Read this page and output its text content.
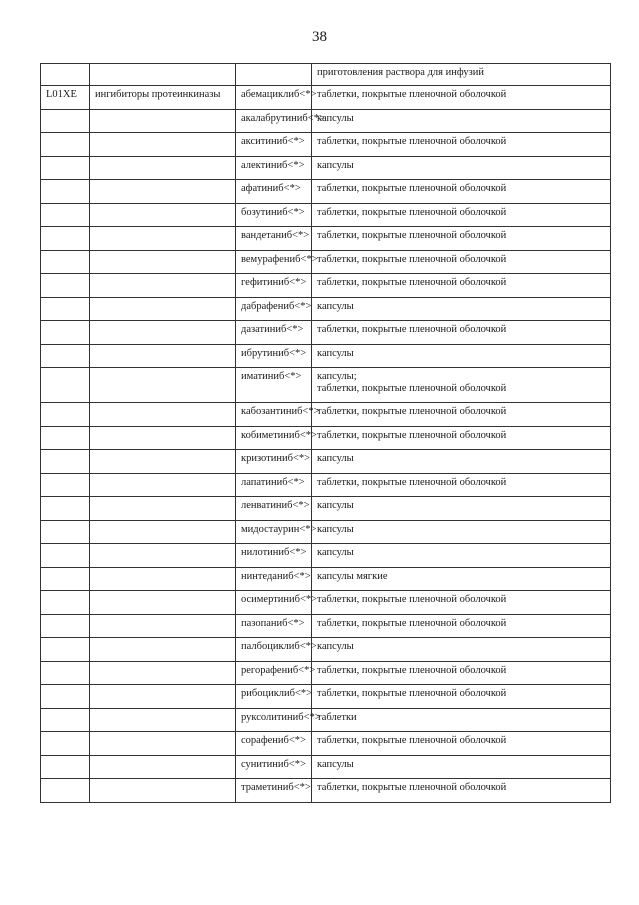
38

			приготовления раствора для инфузий

L01XE	ингибиторы протеинкиназы	абемациклиб<*>	таблетки, покрытые пленочной оболочкой

		акалабрутиниб<*>	капсулы

		акситиниб<*>	таблетки, покрытые пленочной оболочкой

		алектиниб<*>	капсулы

		афатиниб<*>	таблетки, покрытые пленочной оболочкой

		бозутиниб<*>	таблетки, покрытые пленочной оболочкой

		вандетаниб<*>	таблетки, покрытые пленочной оболочкой

		вемурафениб<*>	таблетки, покрытые пленочной оболочкой

		гефитиниб<*>	таблетки, покрытые пленочной оболочкой

		дабрафениб<*>	капсулы

		дазатиниб<*>	таблетки, покрытые пленочной оболочкой

		ибрутиниб<*>	капсулы

		иматиниб<*>	капсулы;
таблетки, покрытые пленочной оболочкой

		кабозантиниб<*>	таблетки, покрытые пленочной оболочкой

		кобиметиниб<*>	таблетки, покрытые пленочной оболочкой

		кризотиниб<*>	капсулы

		лапатиниб<*>	таблетки, покрытые пленочной оболочкой

		ленватиниб<*>	капсулы

		мидостаурин<*>	капсулы

		нилотиниб<*>	капсулы

		нинтеданиб<*>	капсулы мягкие

		осимертиниб<*>	таблетки, покрытые пленочной оболочкой

		пазопаниб<*>	таблетки, покрытые пленочной оболочкой

		палбоциклиб<*>	капсулы

		регорафениб<*>	таблетки, покрытые пленочной оболочкой

		рибоциклиб<*>	таблетки, покрытые пленочной оболочкой

		руксолитиниб<*>	таблетки

		сорафениб<*>	таблетки, покрытые пленочной оболочкой

		сунитиниб<*>	капсулы

		траметиниб<*>	таблетки, покрытые пленочной оболочкой
